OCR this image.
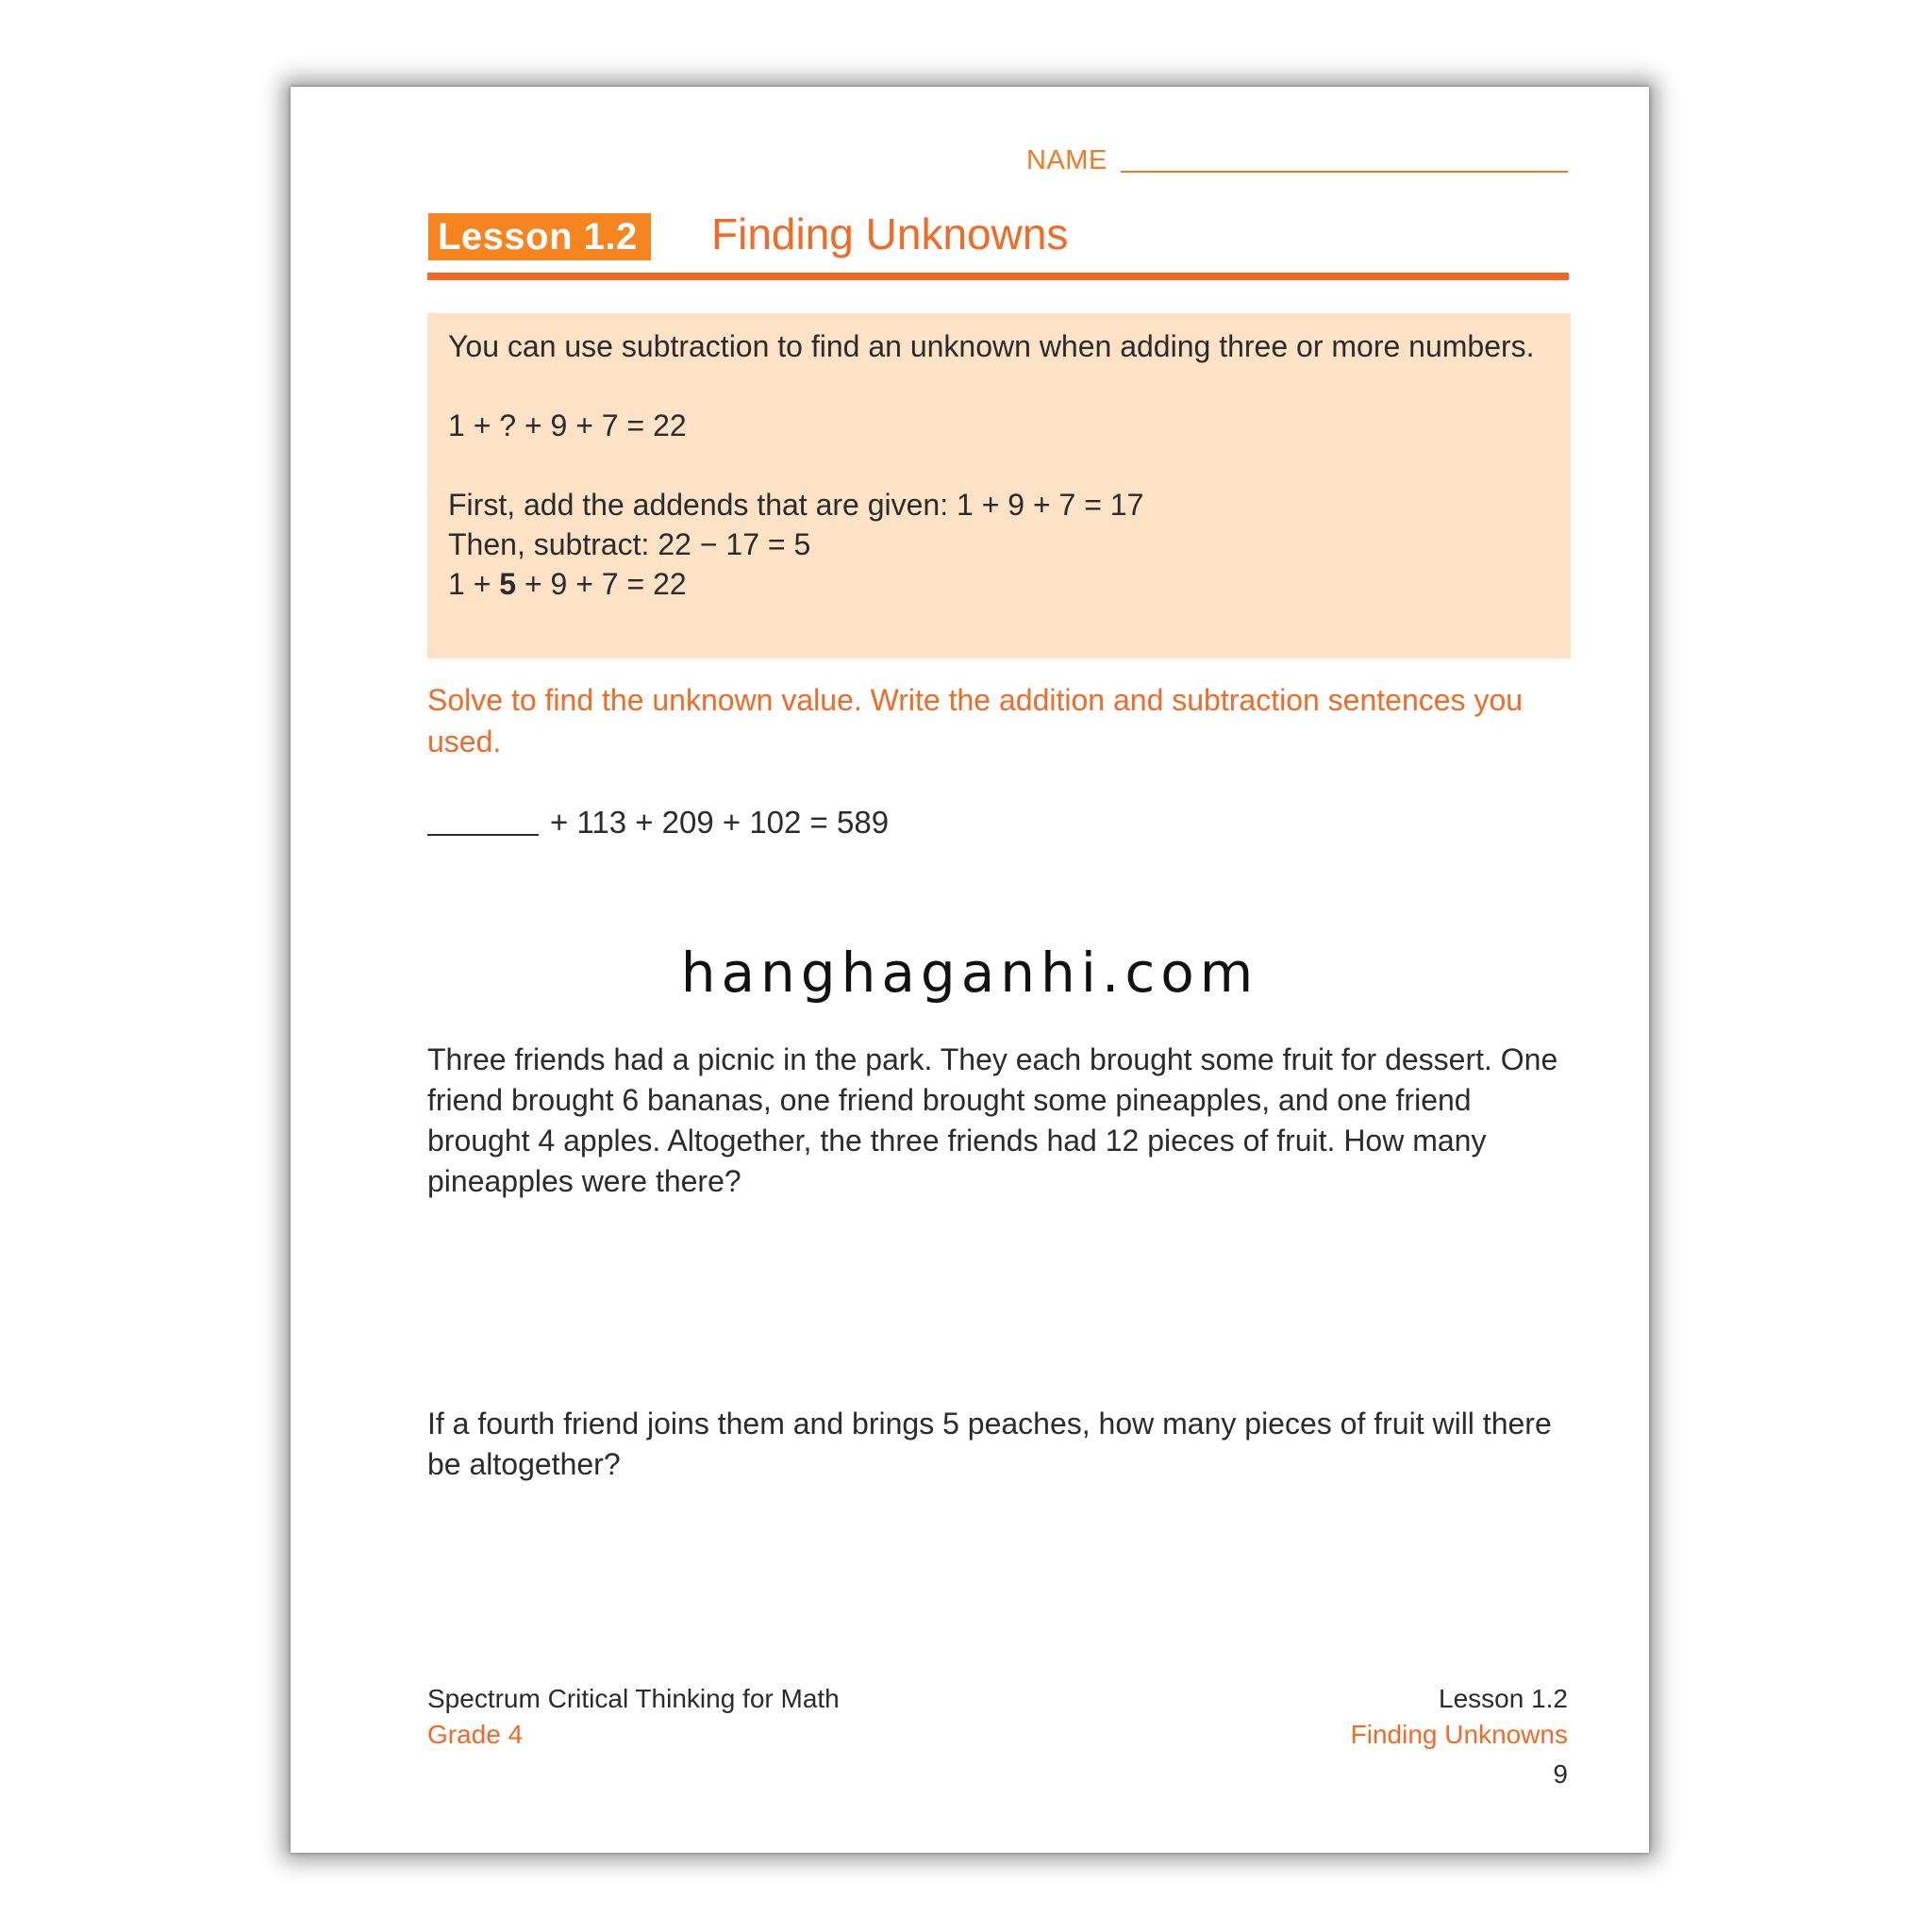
NAME
Lesson 1.2	Finding Unknowns
You can use subtraction to find an unknown when adding three or more numbers.
1 + ? + 9 + 7 = 22
First, add the addends that are given: 1 + 9 + 7 = 17
Then, subtract: 22 − 17 = 5
1 + 5 + 9 + 7 = 22
Solve to find the unknown value. Write the addition and subtraction sentences you used.
+ 113 + 209 + 102 = 589
hanghaganhi.com
Three friends had a picnic in the park. They each brought some fruit for dessert. One friend brought 6 bananas, one friend brought some pineapples, and one friend brought 4 apples. Altogether, the three friends had 12 pieces of fruit. How many pineapples were there?
If a fourth friend joins them and brings 5 peaches, how many pieces of fruit will there be altogether?
Spectrum Critical Thinking for Math
Grade 4
Lesson 1.2
Finding Unknowns
9
